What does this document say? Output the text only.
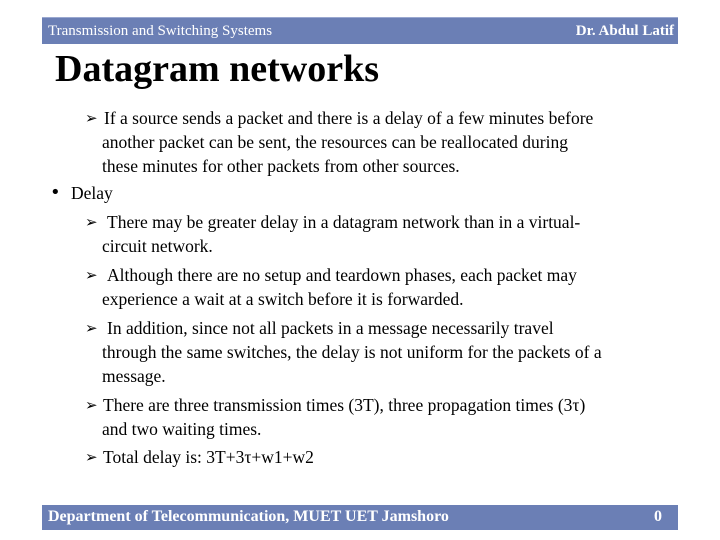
Transmission and Switching Systems	Dr. Abdul Latif
Datagram networks
➢ If a source sends a packet and there is a delay of a few minutes before
another packet can be sent, the resources can be reallocated during
these minutes for other packets from other sources.
• Delay
➢ There may be greater delay in a datagram network than in a virtual-
circuit network.
➢ Although there are no setup and teardown phases, each packet may
experience a wait at a switch before it is forwarded.
➢ In addition, since not all packets in a message necessarily travel
through the same switches, the delay is not uniform for the packets of a
message.
➢ There are three transmission times (3T), three propagation times (3τ)
and two waiting times.
➢ Total delay is: 3T+3τ+w1+w2
Department of Telecommunication, MUET UET Jamshoro	0
